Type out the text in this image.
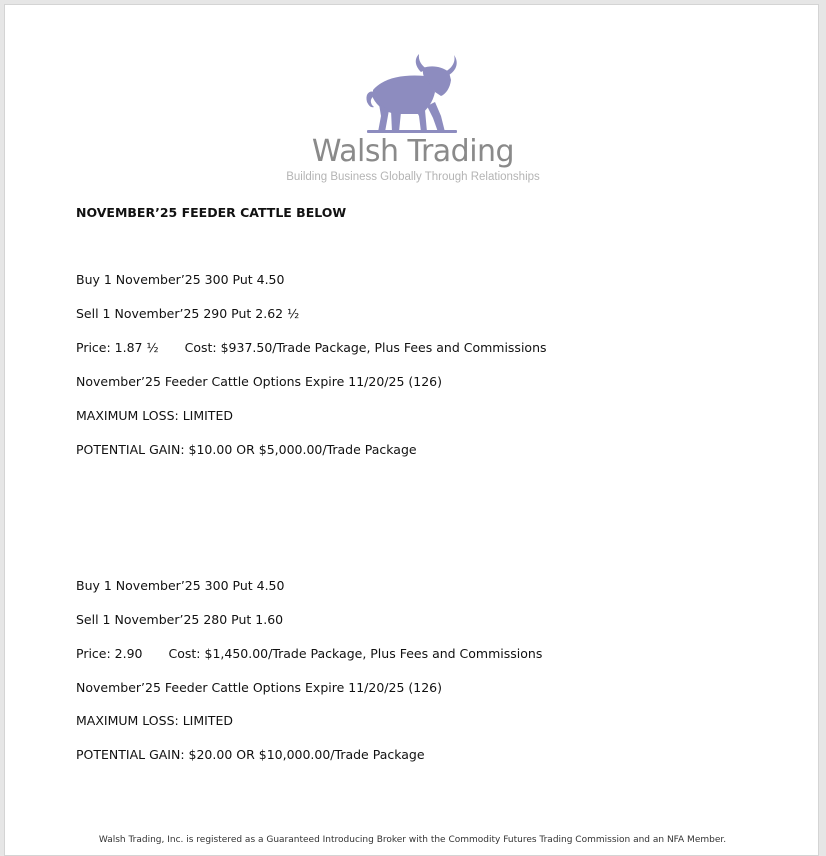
Walsh Trading
Building Business Globally Through Relationships
NOVEMBER’25 FEEDER CATTLE BELOW
Buy 1 November’25 300 Put 4.50
Sell 1 November’25 290 Put 2.62 ½
Price: 1.87 ½ Cost: $937.50/Trade Package, Plus Fees and Commissions
November’25 Feeder Cattle Options Expire 11/20/25 (126)
MAXIMUM LOSS: LIMITED
POTENTIAL GAIN: $10.00 OR $5,000.00/Trade Package
Buy 1 November’25 300 Put 4.50
Sell 1 November’25 280 Put 1.60
Price: 2.90 Cost: $1,450.00/Trade Package, Plus Fees and Commissions
November’25 Feeder Cattle Options Expire 11/20/25 (126)
MAXIMUM LOSS: LIMITED
POTENTIAL GAIN: $20.00 OR $10,000.00/Trade Package
Walsh Trading, Inc. is registered as a Guaranteed Introducing Broker with the Commodity Futures Trading Commission and an NFA Member.
